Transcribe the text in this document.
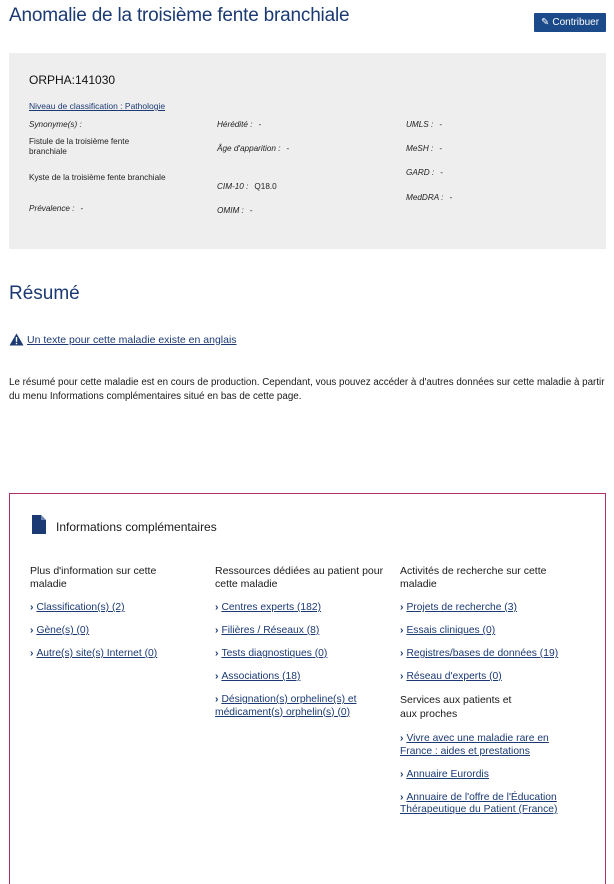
Anomalie de la troisième fente branchiale	✎ Contribuer
ORPHA:141030
Niveau de classification : Pathologie
Synonyme(s) :
Fistule de la troisième fente branchiale
Kyste de la troisième fente branchiale
Prévalence : -
Hérédité : -
Âge d'apparition : -
CIM-10 : Q18.0
OMIM : -
UMLS : -
MeSH : -
GARD : -
MedDRA : -
Résumé
Un texte pour cette maladie existe en anglais

Le résumé pour cette maladie est en cours de production. Cependant, vous pouvez accéder à d'autres données sur cette maladie à partir du menu Informations complémentaires situé en bas de cette page.

Informations complémentaires
Plus d'information sur cette maladie
› Classification(s) (2)
› Gène(s) (0)
› Autre(s) site(s) Internet (0)
Ressources dédiées au patient pour cette maladie
› Centres experts (182)
› Filières / Réseaux (8)
› Tests diagnostiques (0)
› Associations (18)
› Désignation(s) orpheline(s) et médicament(s) orphelin(s) (0)
Activités de recherche sur cette maladie
› Projets de recherche (3)
› Essais cliniques (0)
› Registres/bases de données (19)
› Réseau d'experts (0)
Services aux patients et aux proches
› Vivre avec une maladie rare en France : aides et prestations
› Annuaire Eurordis
› Annuaire de l'offre de l'Éducation Thérapeutique du Patient (France)
